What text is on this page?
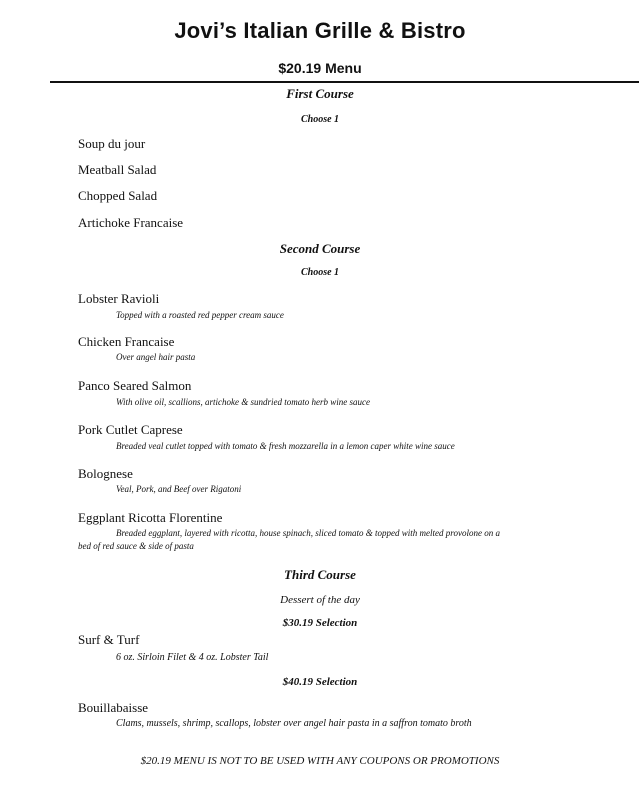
Jovi’s Italian Grille & Bistro
$20.19 Menu
First Course
Choose 1
Soup du jour
Meatball Salad
Chopped Salad
Artichoke Francaise
Second Course
Choose 1
Lobster Ravioli
Topped with a roasted red pepper cream sauce
Chicken Francaise
Over angel hair pasta
Panco Seared Salmon
With olive oil, scallions, artichoke & sundried tomato herb wine sauce
Pork Cutlet Caprese
Breaded veal cutlet topped with tomato & fresh mozzarella in a lemon caper white wine sauce
Bolognese
Veal, Pork, and Beef over Rigatoni
Eggplant Ricotta Florentine
Breaded eggplant, layered with ricotta, house spinach, sliced tomato & topped with melted provolone on a
bed of red sauce & side of pasta
Third Course
Dessert of the day
$30.19 Selection
Surf & Turf
6 oz. Sirloin Filet & 4 oz. Lobster Tail
$40.19 Selection
Bouillabaisse
Clams, mussels, shrimp, scallops, lobster over angel hair pasta in a saffron tomato broth
$20.19 MENU IS NOT TO BE USED WITH ANY COUPONS OR PROMOTIONS
